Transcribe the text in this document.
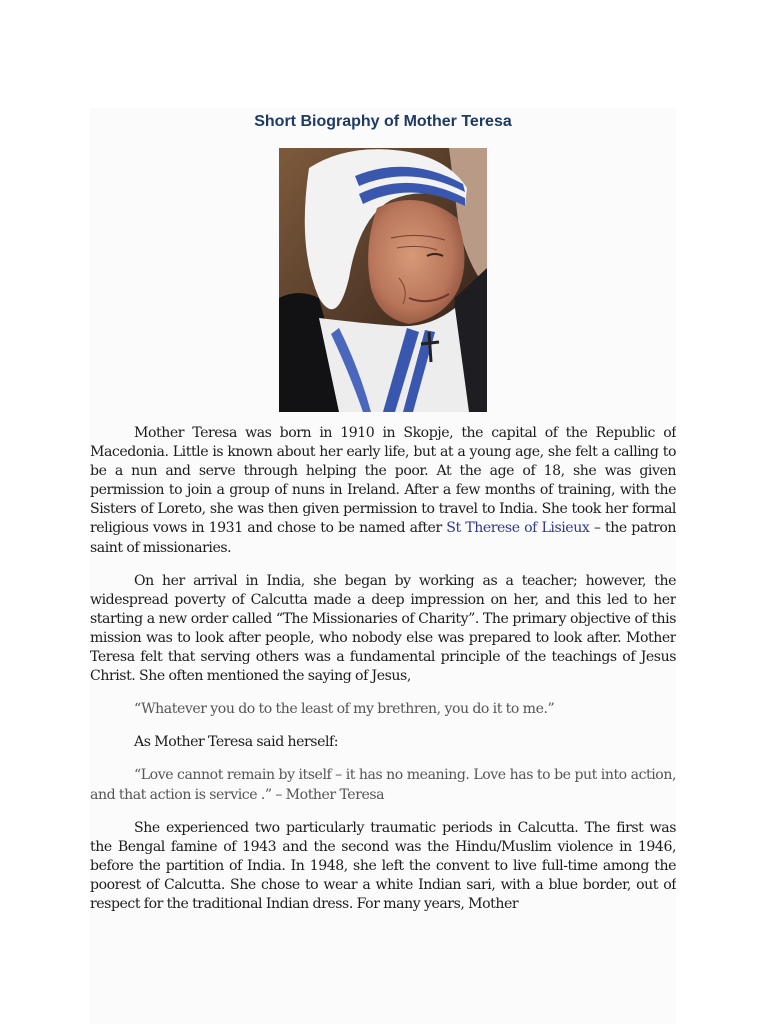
Short Biography of Mother Teresa

Mother Teresa was born in 1910 in Skopje, the capital of the Republic of Macedonia. Little is known about her early life, but at a young age, she felt a calling to be a nun and serve through helping the poor. At the age of 18, she was given permission to join a group of nuns in Ireland. After a few months of training, with the Sisters of Loreto, she was then given permission to travel to India. She took her formal religious vows in 1931 and chose to be named after St Therese of Lisieux – the patron saint of missionaries.

On her arrival in India, she began by working as a teacher; however, the widespread poverty of Calcutta made a deep impression on her, and this led to her starting a new order called “The Missionaries of Charity”. The primary objective of this mission was to look after people, who nobody else was prepared to look after. Mother Teresa felt that serving others was a fundamental principle of the teachings of Jesus Christ. She often mentioned the saying of Jesus,

“Whatever you do to the least of my brethren, you do it to me.”

As Mother Teresa said herself:

“Love cannot remain by itself – it has no meaning. Love has to be put into action, and that action is service .” – Mother Teresa

She experienced two particularly traumatic periods in Calcutta. The first was the Bengal famine of 1943 and the second was the Hindu/Muslim violence in 1946, before the partition of India. In 1948, she left the convent to live full-time among the poorest of Calcutta. She chose to wear a white Indian sari, with a blue border, out of respect for the traditional Indian dress. For many years, Mother
